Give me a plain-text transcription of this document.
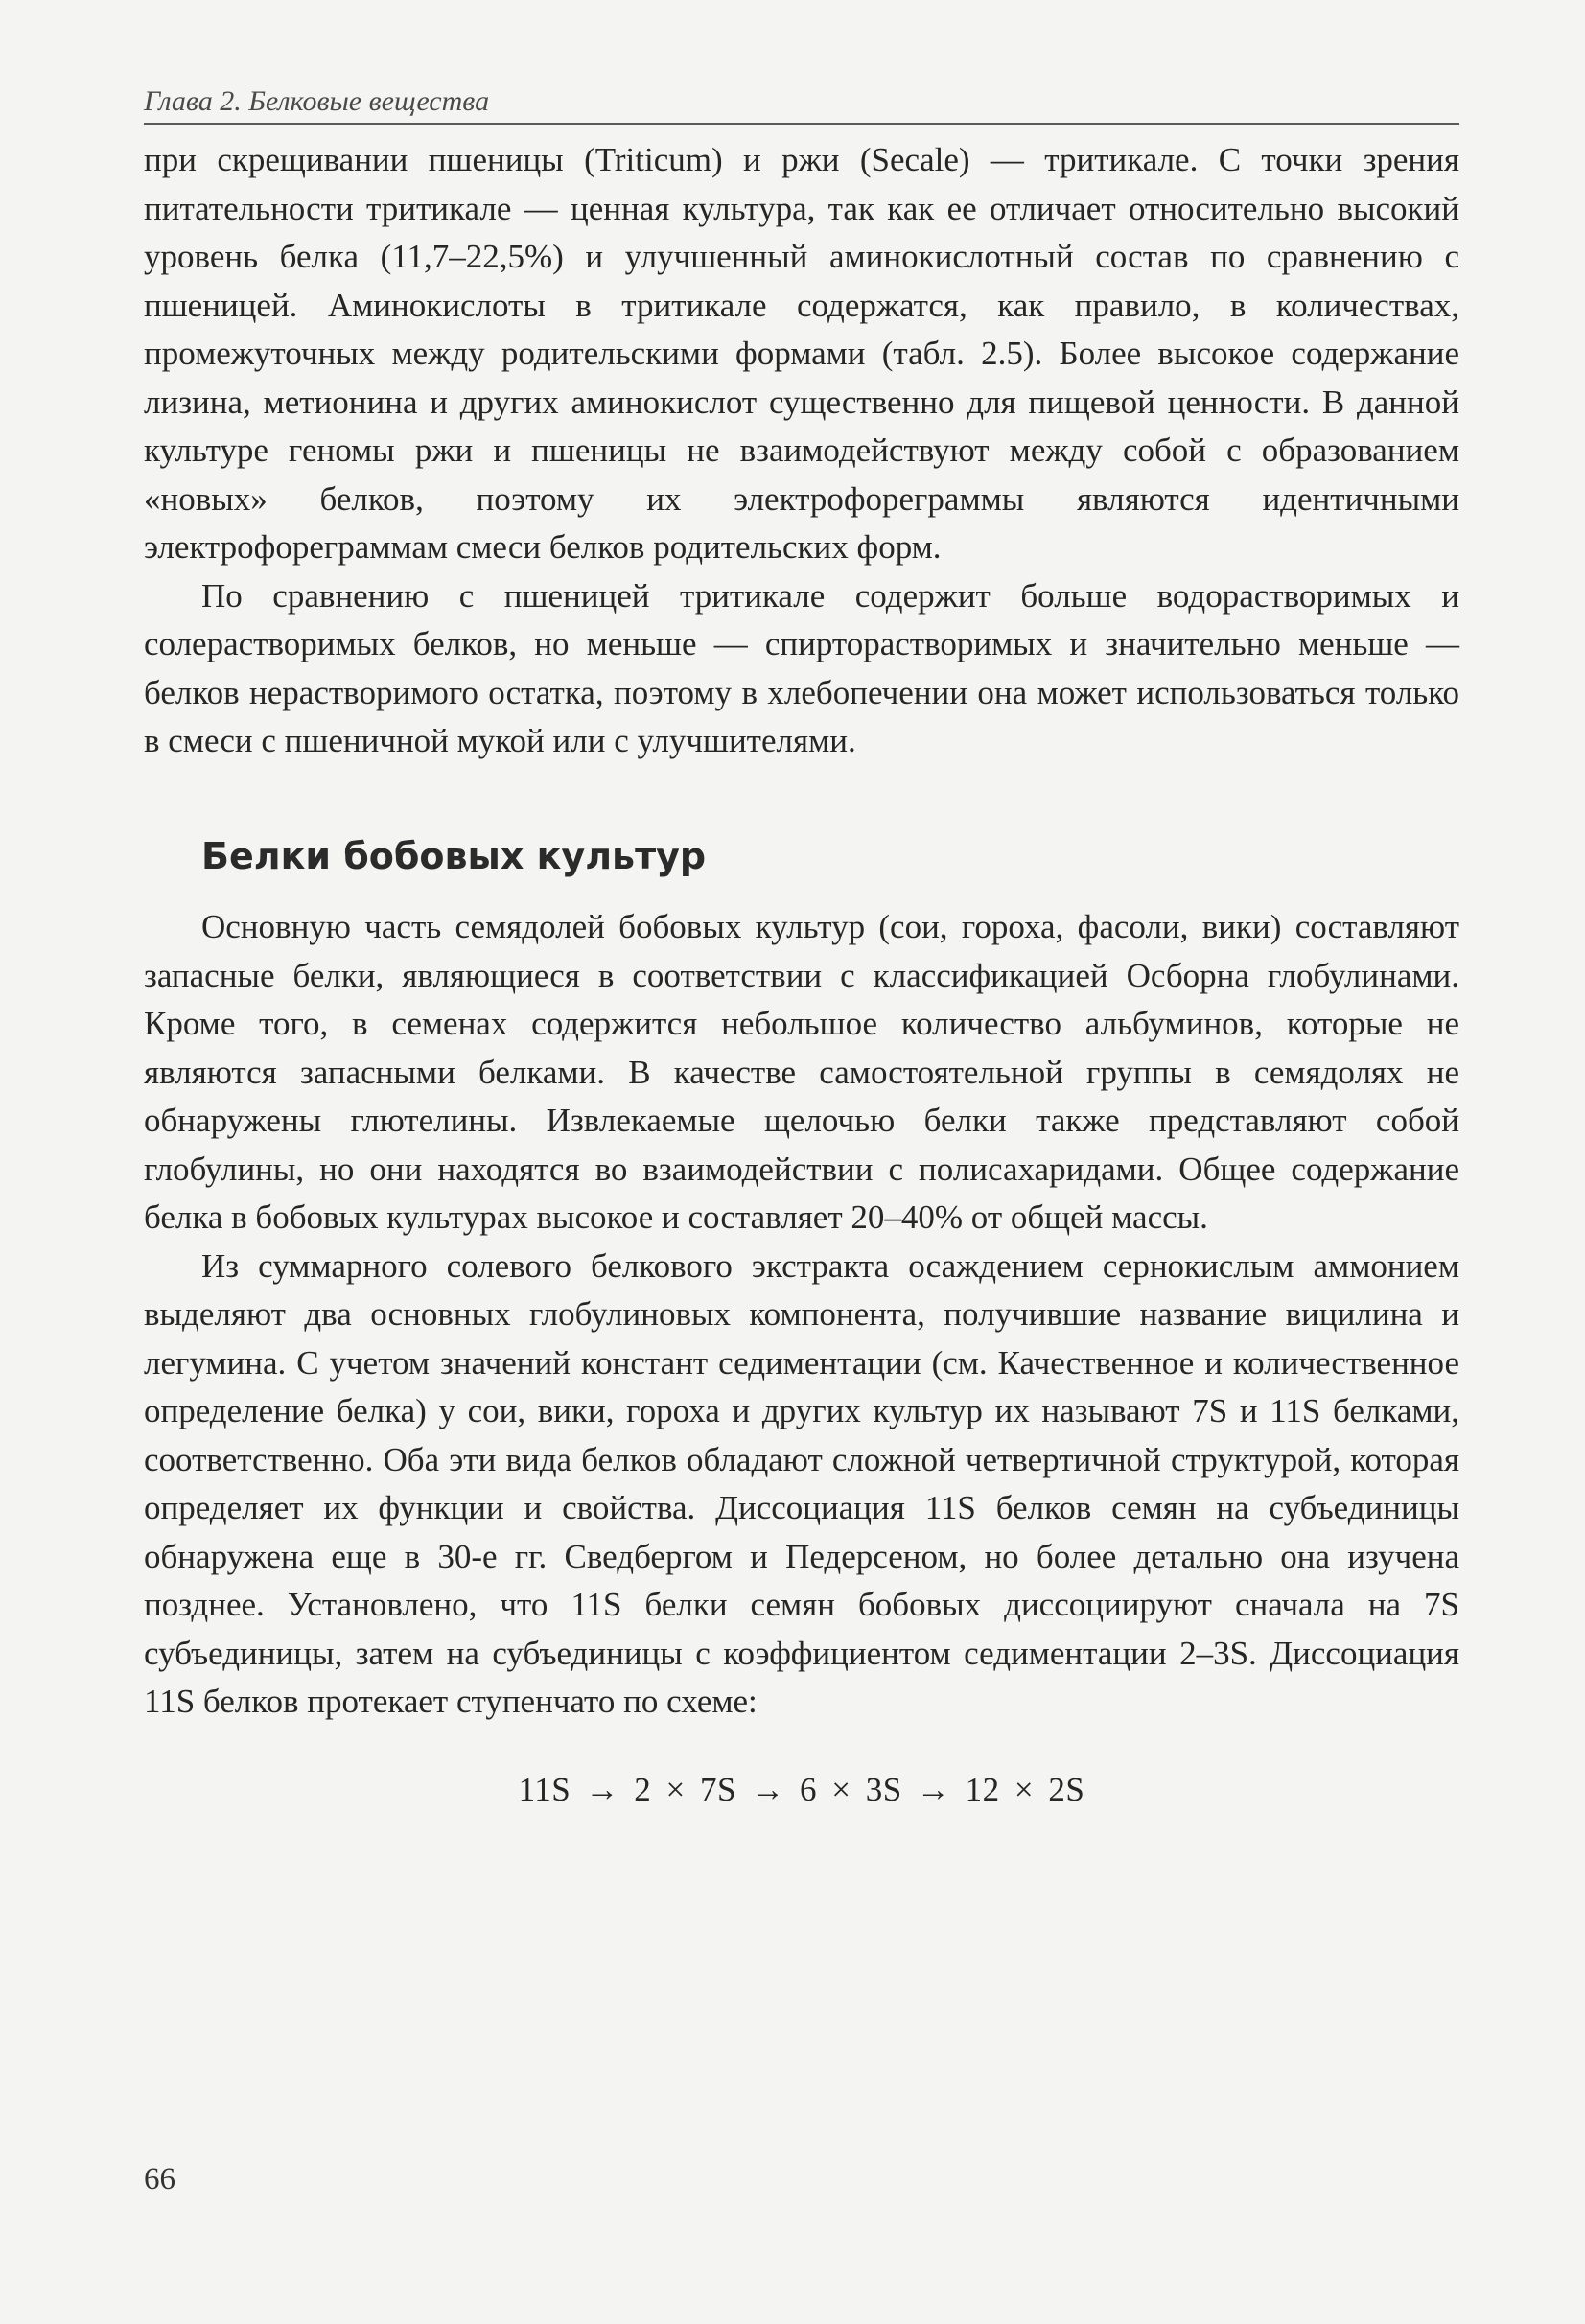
Глава 2. Белковые вещества

при скрещивании пшеницы (Triticum) и ржи (Secale) — тритикале. С точки зрения питательности тритикале — ценная культура, так как ее отличает относительно высокий уровень белка (11,7–22,5%) и улучшенный аминокислотный состав по сравнению с пшеницей. Аминокислоты в тритикале содержатся, как правило, в количествах, промежуточных между родительскими формами (табл. 2.5). Более высокое содержание лизина, метионина и других аминокислот существенно для пищевой ценности. В данной культуре геномы ржи и пшеницы не взаимодействуют между собой с образованием «новых» белков, поэтому их электрофореграммы являются идентичными электрофореграммам смеси белков родительских форм.

По сравнению с пшеницей тритикале содержит больше водорастворимых и солерастворимых белков, но меньше — спирторастворимых и значительно меньше — белков нерастворимого остатка, поэтому в хлебопечении она может использоваться только в смеси с пшеничной мукой или с улучшителями.

Белки бобовых культур

Основную часть семядолей бобовых культур (сои, гороха, фасоли, вики) составляют запасные белки, являющиеся в соответствии с классификацией Осборна глобулинами. Кроме того, в семенах содержится небольшое количество альбуминов, которые не являются запасными белками. В качестве самостоятельной группы в семядолях не обнаружены глютелины. Извлекаемые щелочью белки также представляют собой глобулины, но они находятся во взаимодействии с полисахаридами. Общее содержание белка в бобовых культурах высокое и составляет 20–40% от общей массы.

Из суммарного солевого белкового экстракта осаждением сернокислым аммонием выделяют два основных глобулиновых компонента, получившие название вицилина и легумина. С учетом значений констант седиментации (см. Качественное и количественное определение белка) у сои, вики, гороха и других культур их называют 7S и 11S белками, соответственно. Оба эти вида белков обладают сложной четвертичной структурой, которая определяет их функции и свойства. Диссоциация 11S белков семян на субъединицы обнаружена еще в 30-е гг. Сведбергом и Педерсеном, но более детально она изучена позднее. Установлено, что 11S белки семян бобовых диссоциируют сначала на 7S субъединицы, затем на субъединицы с коэффициентом седиментации 2–3S. Диссоциация 11S белков протекает ступенчато по схеме:

11S → 2 × 7S → 6 × 3S → 12 × 2S
66
